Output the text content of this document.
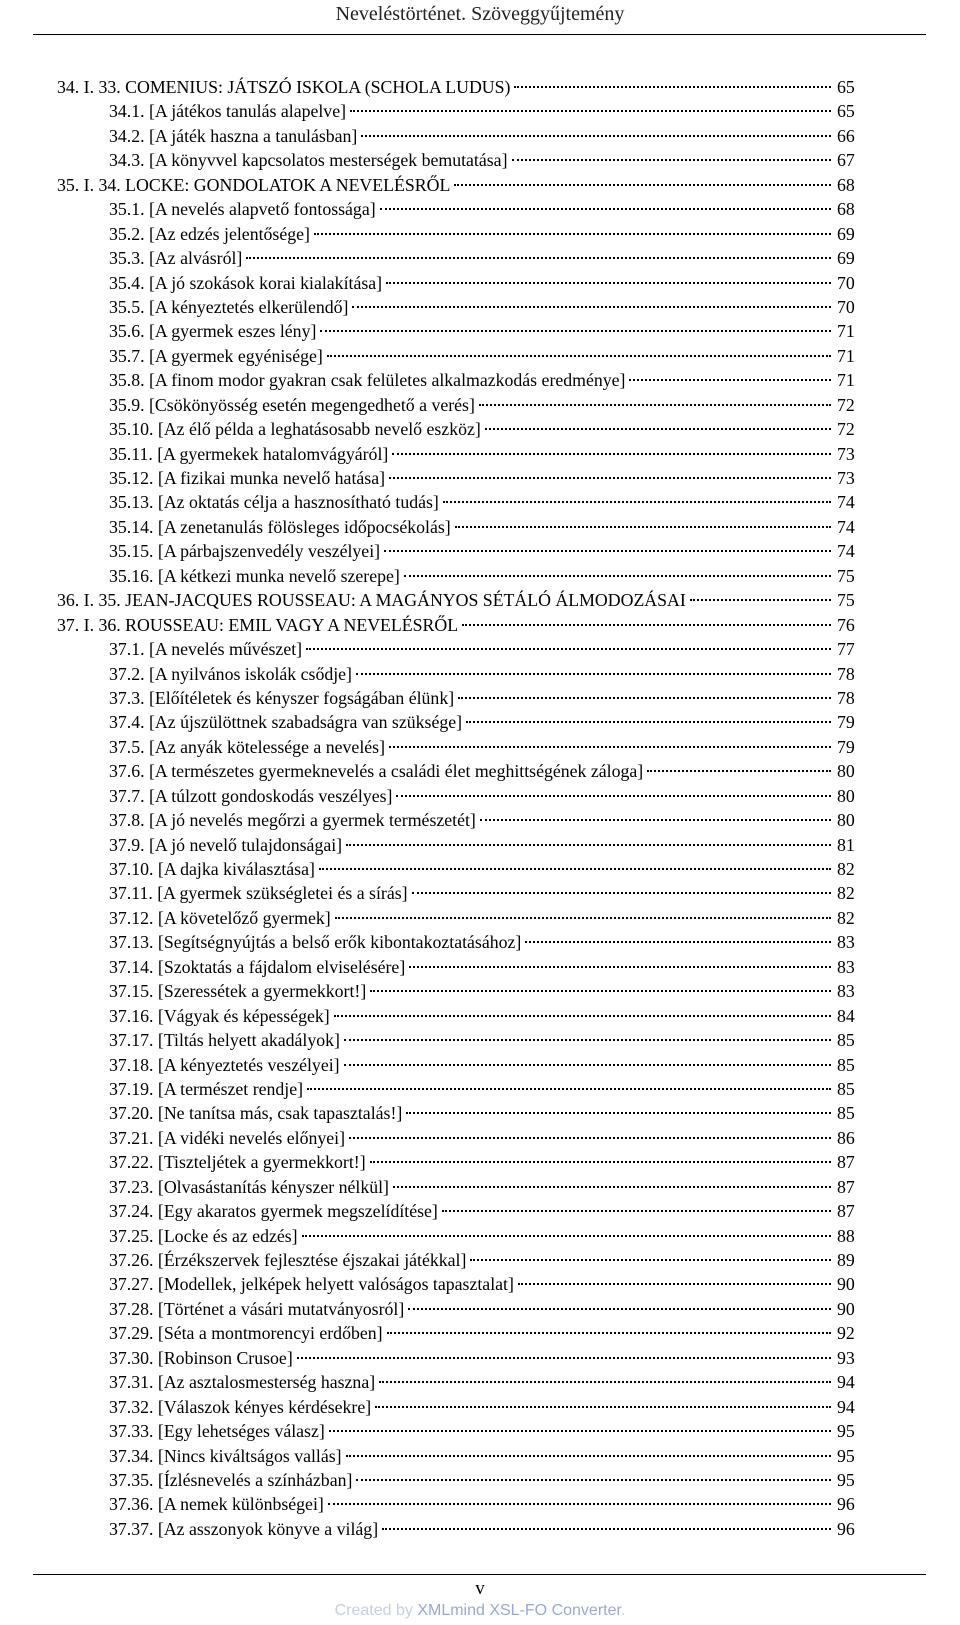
Neveléstörténet. Szöveggyűjtemény
34. I. 33. COMENIUS: JÁTSZÓ ISKOLA (SCHOLA LUDUS)	65
34.1. [A játékos tanulás alapelve]	65
34.2. [A játék haszna a tanulásban]	66
34.3. [A könyvvel kapcsolatos mesterségek bemutatása]	67
35. I. 34. LOCKE: GONDOLATOK A NEVELÉSRŐL	68
35.1. [A nevelés alapvető fontossága]	68
35.2. [Az edzés jelentősége]	69
35.3. [Az alvásról]	69
35.4. [A jó szokások korai kialakítása]	70
35.5. [A kényeztetés elkerülendő]	70
35.6. [A gyermek eszes lény]	71
35.7. [A gyermek egyénisége]	71
35.8. [A finom modor gyakran csak felületes alkalmazkodás eredménye]	71
35.9. [Csökönyösség esetén megengedhető a verés]	72
35.10. [Az élő példa a leghatásosabb nevelő eszköz]	72
35.11. [A gyermekek hatalomvágyáról]	73
35.12. [A fizikai munka nevelő hatása]	73
35.13. [Az oktatás célja a hasznosítható tudás]	74
35.14. [A zenetanulás fölösleges időpocsékolás]	74
35.15. [A párbajszenvedély veszélyei]	74
35.16. [A kétkezi munka nevelő szerepe]	75
36. I. 35. JEAN-JACQUES ROUSSEAU: A MAGÁNYOS SÉTÁLÓ ÁLMODOZÁSAI	75
37. I. 36. ROUSSEAU: EMIL VAGY A NEVELÉSRŐL	76
37.1. [A nevelés művészet]	77
37.2. [A nyilvános iskolák csődje]	78
37.3. [Előítéletek és kényszer fogságában élünk]	78
37.4. [Az újszülöttnek szabadságra van szüksége]	79
37.5. [Az anyák kötelessége a nevelés]	79
37.6. [A természetes gyermeknevelés a családi élet meghittségének záloga]	80
37.7. [A túlzott gondoskodás veszélyes]	80
37.8. [A jó nevelés megőrzi a gyermek természetét]	80
37.9. [A jó nevelő tulajdonságai]	81
37.10. [A dajka kiválasztása]	82
37.11. [A gyermek szükségletei és a sírás]	82
37.12. [A követelőző gyermek]	82
37.13. [Segítségnyújtás a belső erők kibontakoztatásához]	83
37.14. [Szoktatás a fájdalom elviselésére]	83
37.15. [Szeressétek a gyermekkort!]	83
37.16. [Vágyak és képességek]	84
37.17. [Tiltás helyett akadályok]	85
37.18. [A kényeztetés veszélyei]	85
37.19. [A természet rendje]	85
37.20. [Ne tanítsa más, csak tapasztalás!]	85
37.21. [A vidéki nevelés előnyei]	86
37.22. [Tiszteljétek a gyermekkort!]	87
37.23. [Olvasástanítás kényszer nélkül]	87
37.24. [Egy akaratos gyermek megszelídítése]	87
37.25. [Locke és az edzés]	88
37.26. [Érzékszervek fejlesztése éjszakai játékkal]	89
37.27. [Modellek, jelképek helyett valóságos tapasztalat]	90
37.28. [Történet a vásári mutatványosról]	90
37.29. [Séta a montmorencyi erdőben]	92
37.30. [Robinson Crusoe]	93
37.31. [Az asztalosmesterség haszna]	94
37.32. [Válaszok kényes kérdésekre]	94
37.33. [Egy lehetséges válasz]	95
37.34. [Nincs kiváltságos vallás]	95
37.35. [Ízlésnevelés a színházban]	95
37.36. [A nemek különbségei]	96
37.37. [Az asszonyok könyve a világ]	96
v
Created by XMLmind XSL-FO Converter.
